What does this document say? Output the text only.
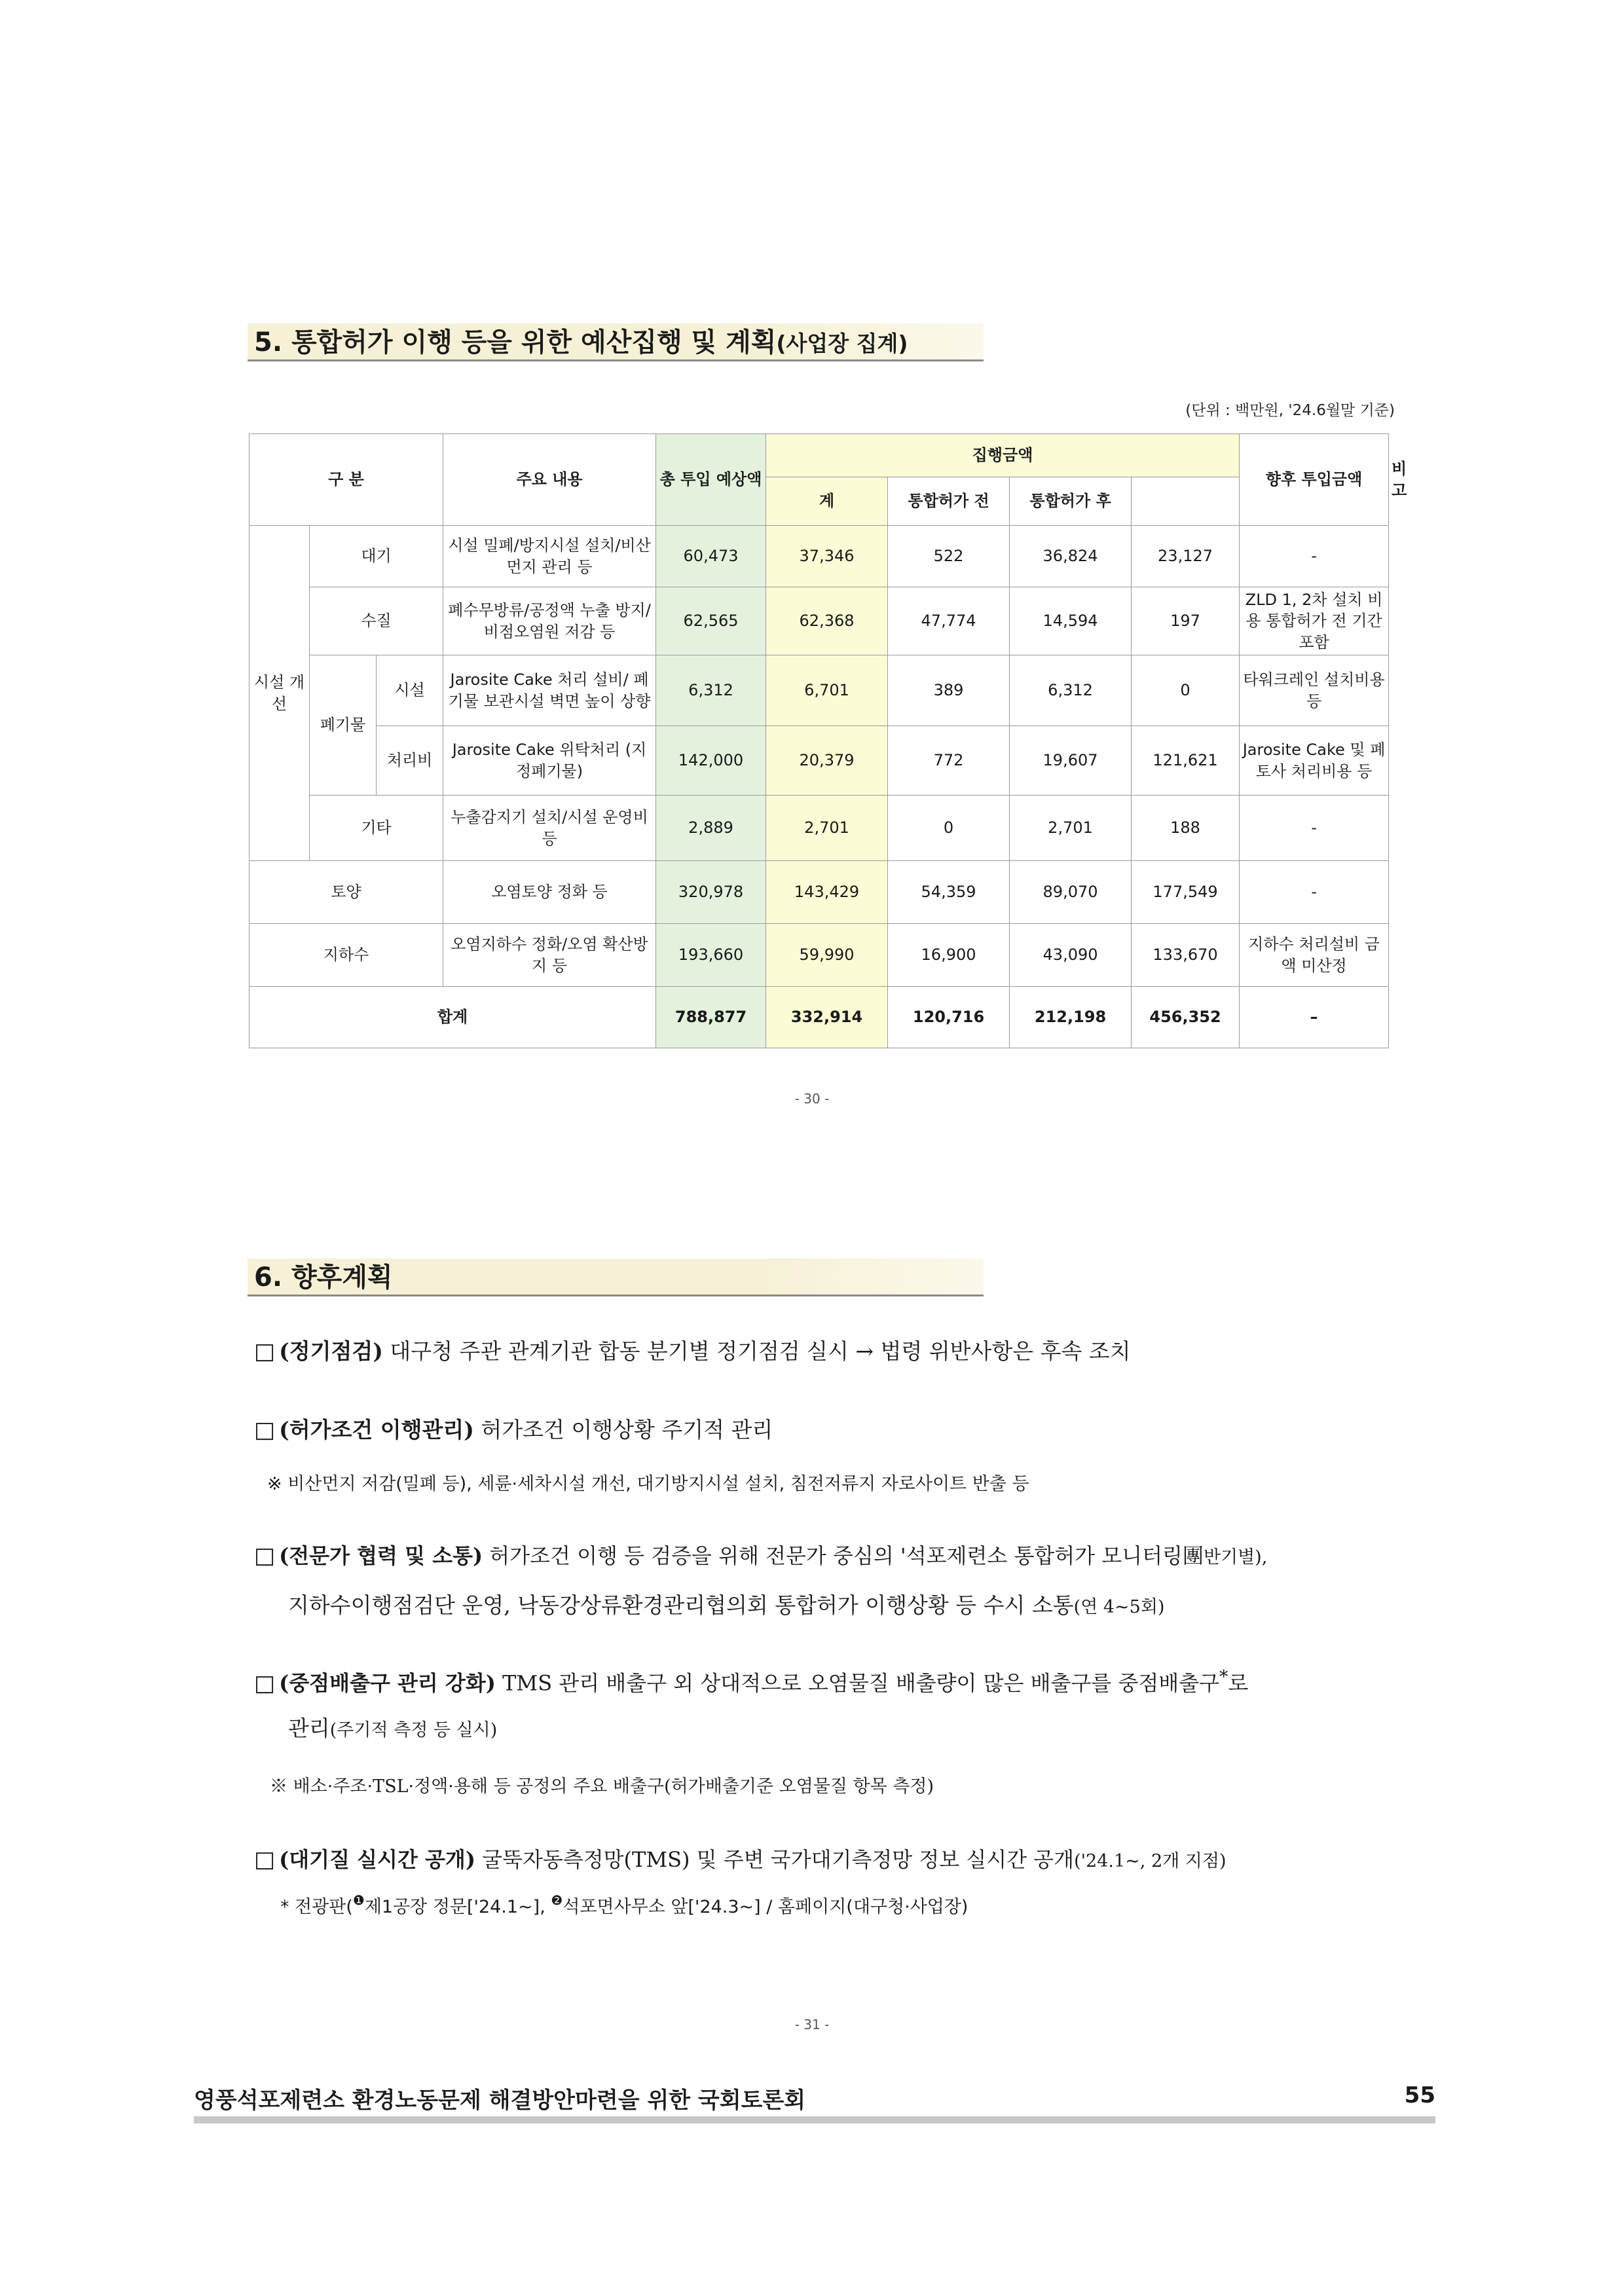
5. 통합허가 이행 등을 위한 예산집행 및 계획(사업장 집계)
(단위 : 백만원, '24.6월말 기준)
구 분			주요 내용	총 투입 예상액	집행금액				향후 투입금액	비고
					계	통합허가 전	통합허가 후			
시설 개선	대기		시설 밀폐/방지시설 설치/비산먼지 관리 등	60,473	37,346	522	36,824	23,127	-	
	수질		폐수무방류/공정액 누출 방지/비점오염원 저감 등	62,565	62,368	47,774	14,594	197	ZLD 1, 2차 설치 비용 통합허가 전 기간 포함	
	폐기물	시설	Jarosite Cake 처리 설비/ 폐기물 보관시설 벽면 높이 상향	6,312	6,701	389	6,312	0	타워크레인 설치비용 등	
		처리비	Jarosite Cake 위탁처리 (지정폐기물)	142,000	20,379	772	19,607	121,621	Jarosite Cake 및 폐토사 처리비용 등	
	기타		누출감지기 설치/시설 운영비 등	2,889	2,701	0	2,701	188	-	
토양			오염토양 정화 등	320,978	143,429	54,359	89,070	177,549	-	
지하수			오염지하수 정화/오염 확산방지 등	193,660	59,990	16,900	43,090	133,670	지하수 처리설비 금액 미산정	
합계				788,877	332,914	120,716	212,198	456,352	–	
- 30 -
6. 향후계획
□ (정기점검) 대구청 주관 관계기관 합동 분기별 정기점검 실시 → 법령 위반사항은 후속 조치
□ (허가조건 이행관리) 허가조건 이행상황 주기적 관리
※ 비산먼지 저감(밀폐 등), 세륜·세차시설 개선, 대기방지시설 설치, 침전저류지 자로사이트 반출 등
□ (전문가 협력 및 소통) 허가조건 이행 등 검증을 위해 전문가 중심의 '석포제련소 통합허가 모니터링團반기별),
지하수이행점검단 운영, 낙동강상류환경관리협의회 통합허가 이행상황 등 수시 소통(연 4~5회)
□ (중점배출구 관리 강화) TMS 관리 배출구 외 상대적으로 오염물질 배출량이 많은 배출구를 중점배출구*로
관리(주기적 측정 등 실시)
※ 배소·주조·TSL·정액·용해 등 공정의 주요 배출구(허가배출기준 오염물질 항목 측정)
□ (대기질 실시간 공개) 굴뚝자동측정망(TMS) 및 주변 국가대기측정망 정보 실시간 공개('24.1~, 2개 지점)
* 전광판($^❶$제1공장 정문['24.1~], $^❷$석포면사무소 앞['24.3~] / 홈페이지(대구청·사업장)
- 31 -
영풍석포제련소 환경노동문제 해결방안마련을 위한 국회토론회	55
